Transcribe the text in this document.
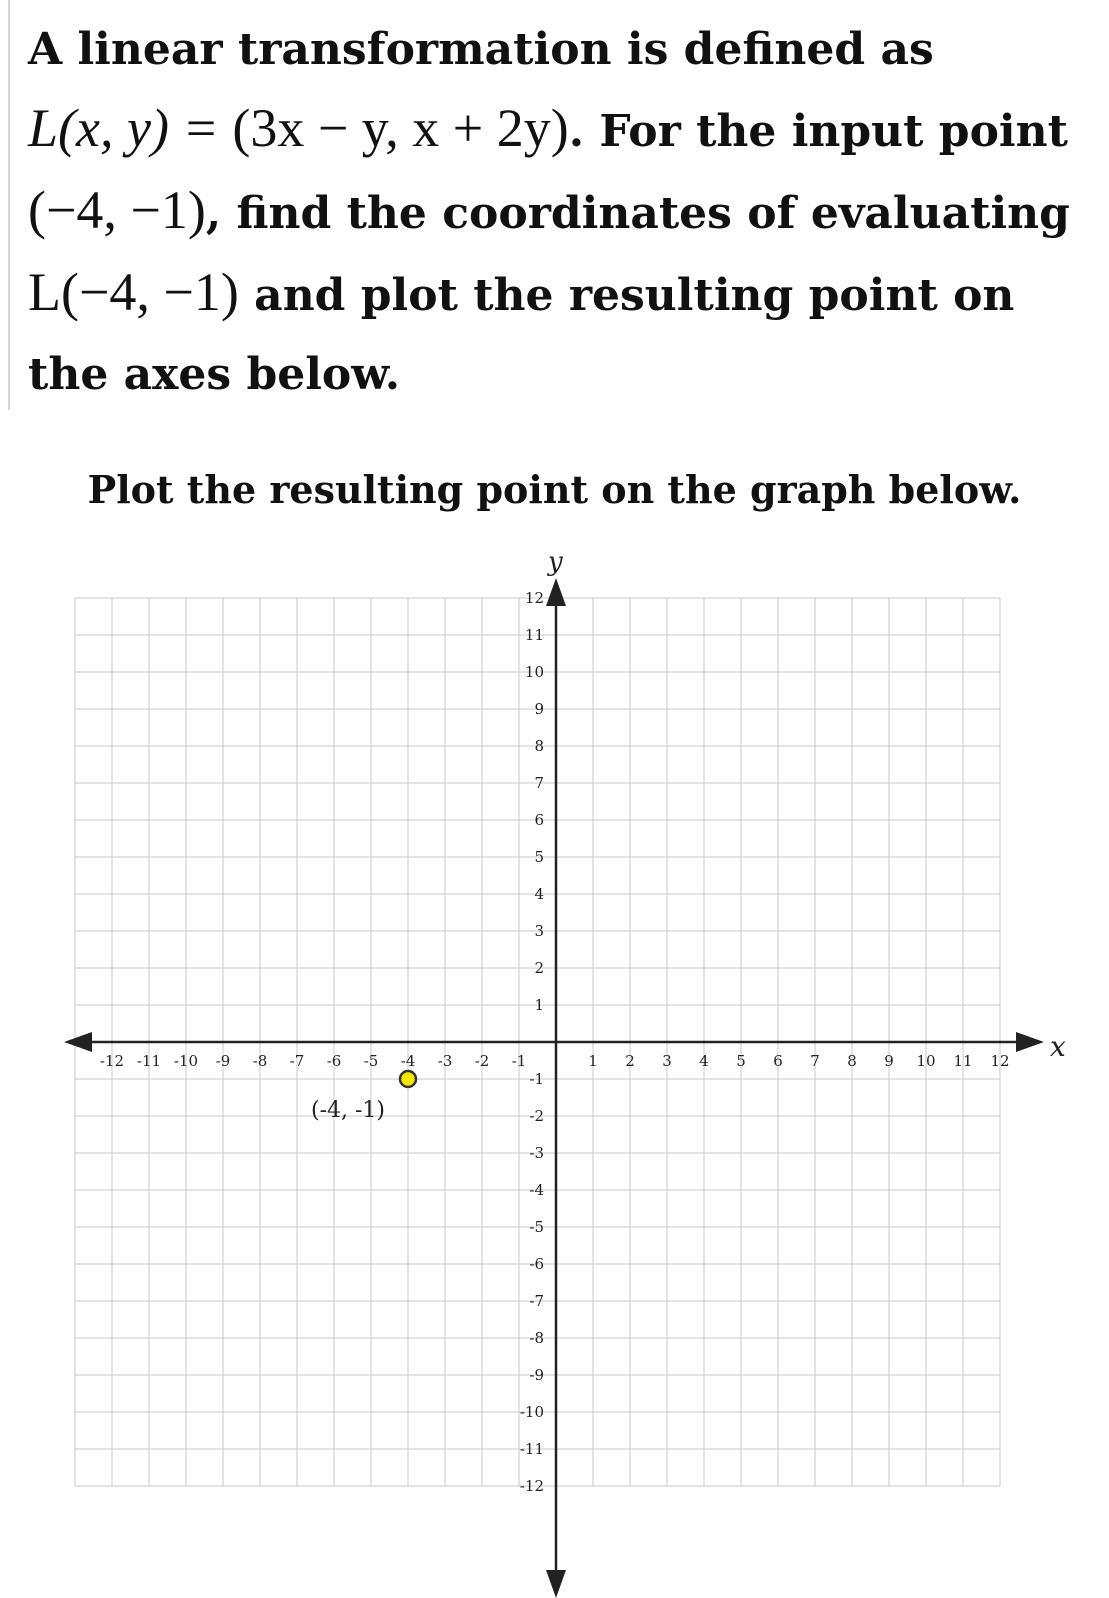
A linear transformation is defined as
L(x, y) = (3x − y, x + 2y). For the input point (−4, −1), find the coordinates of evaluating L(−4, −1) and plot the resulting point on the axes below.

Plot the resulting point on the graph below.

x
y
-12 -11 -10 -9 -8 -7 -6 -5 -4 -3 -2 -1	1 2 3 4 5 6 7 8 9 10 11 12
12
11
10
9
8
7
6
5
4
3
2
1
-1
-2
-3
-4
-5
-6
-7
-8
-9
-10
-11
-12
(-4, -1)
